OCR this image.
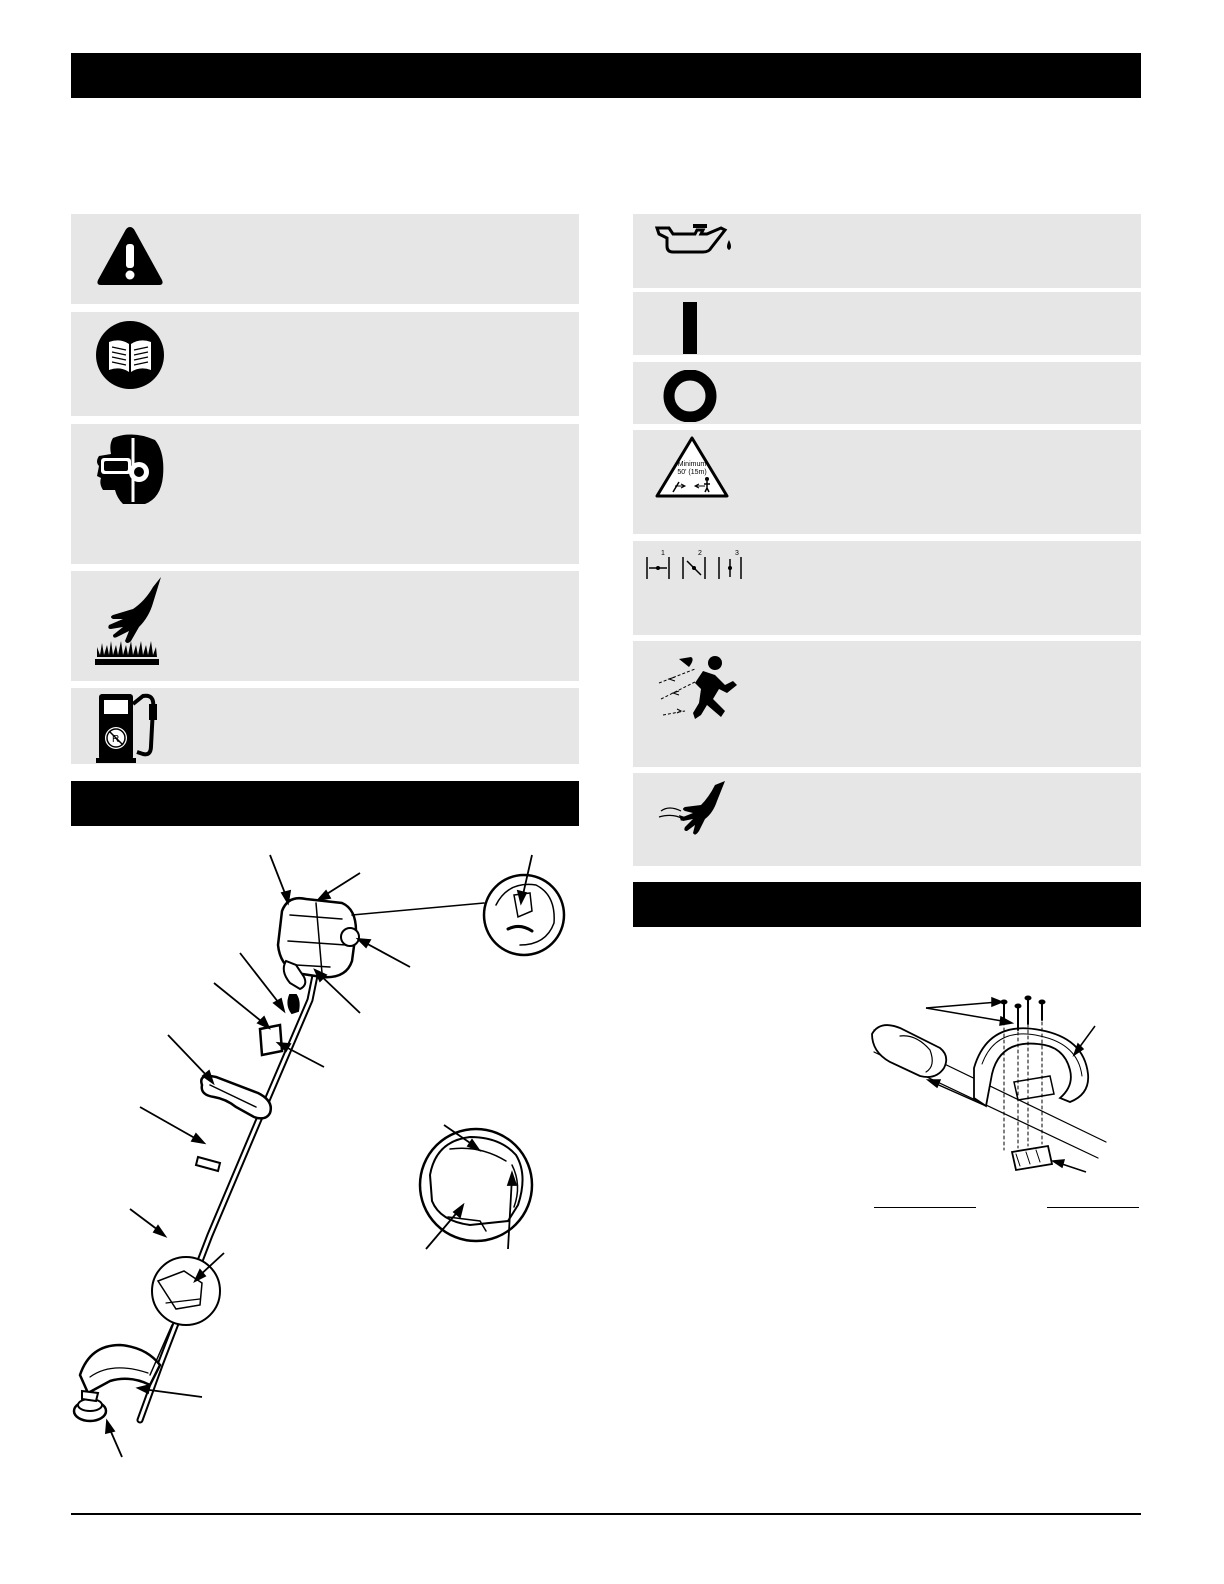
R
Minimum
50' (15m)
1	2	3
